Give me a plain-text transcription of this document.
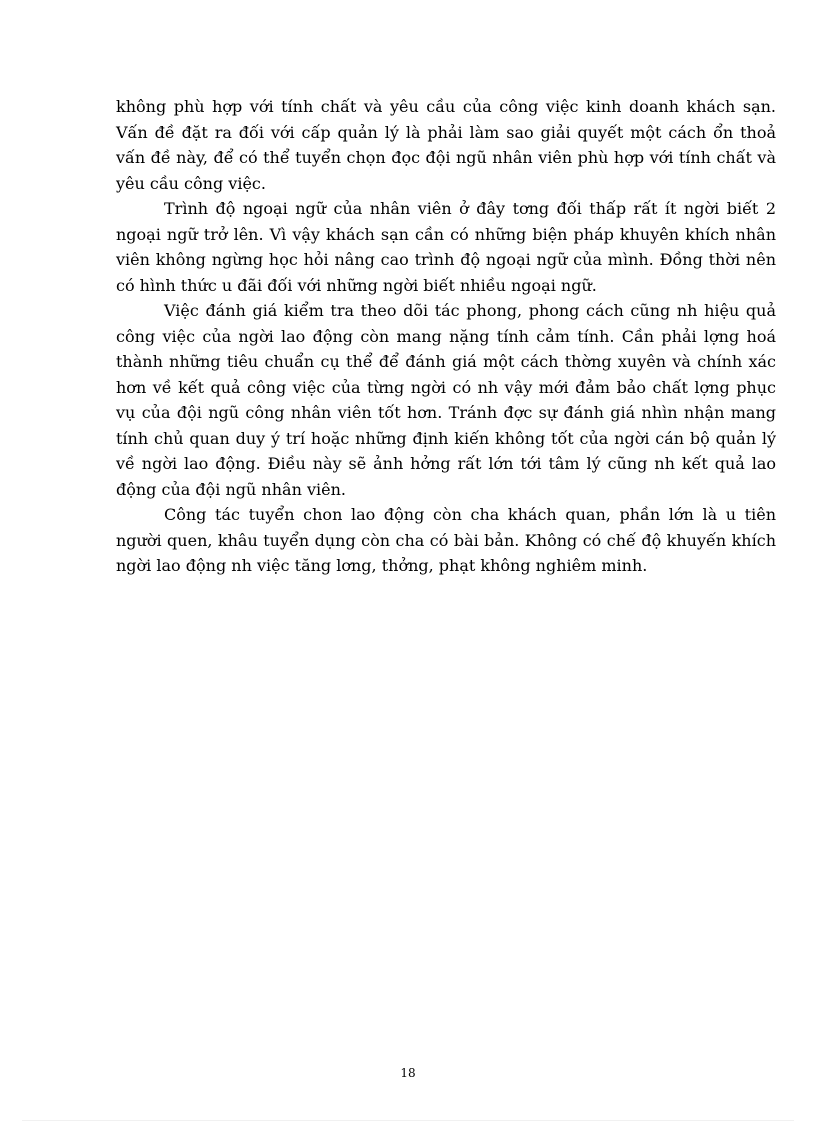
không phù hợp với tính chất và yêu cầu của công việc kinh doanh khách sạn. Vấn đề đặt ra đối với cấp quản lý là phải làm sao giải quyết một cách ổn thoả vấn đề này, để có thể tuyển chọn đọc đội ngũ nhân viên phù hợp với tính chất và yêu cầu công việc.

Trình độ ngoại ngữ của nhân viên ở đây tơng đối thấp rất ít ngời biết 2 ngoại ngữ trở lên. Vì vậy khách sạn cần có những biện pháp khuyên khích nhân viên không ngừng học hỏi nâng cao trình độ ngoại ngữ của mình. Đồng thời nên có hình thức u đãi đối với những ngời biết nhiều ngoại ngữ.

Việc đánh giá kiểm tra theo dõi tác phong, phong cách cũng nh hiệu quả công việc của ngời lao động còn mang nặng tính cảm tính. Cần phải lợng hoá thành những tiêu chuẩn cụ thể để đánh giá một cách thờng xuyên và chính xác hơn về kết quả công việc của từng ngời có nh vậy mới đảm bảo chất lợng phục vụ của đội ngũ công nhân viên tốt hơn. Tránh đợc sự đánh giá nhìn nhận mang tính chủ quan duy ý trí hoặc những định kiến không tốt của ngời cán bộ quản lý về ngời lao động. Điều này sẽ ảnh hởng rất lớn tới tâm lý cũng nh kết quả lao động của đội ngũ nhân viên.

Công tác tuyển chon lao động còn cha khách quan, phần lớn là u tiên người quen, khâu tuyển dụng còn cha có bài bản. Không có chế độ khuyến khích ngời lao động nh việc tăng lơng, thởng, phạt không nghiêm minh.

18
